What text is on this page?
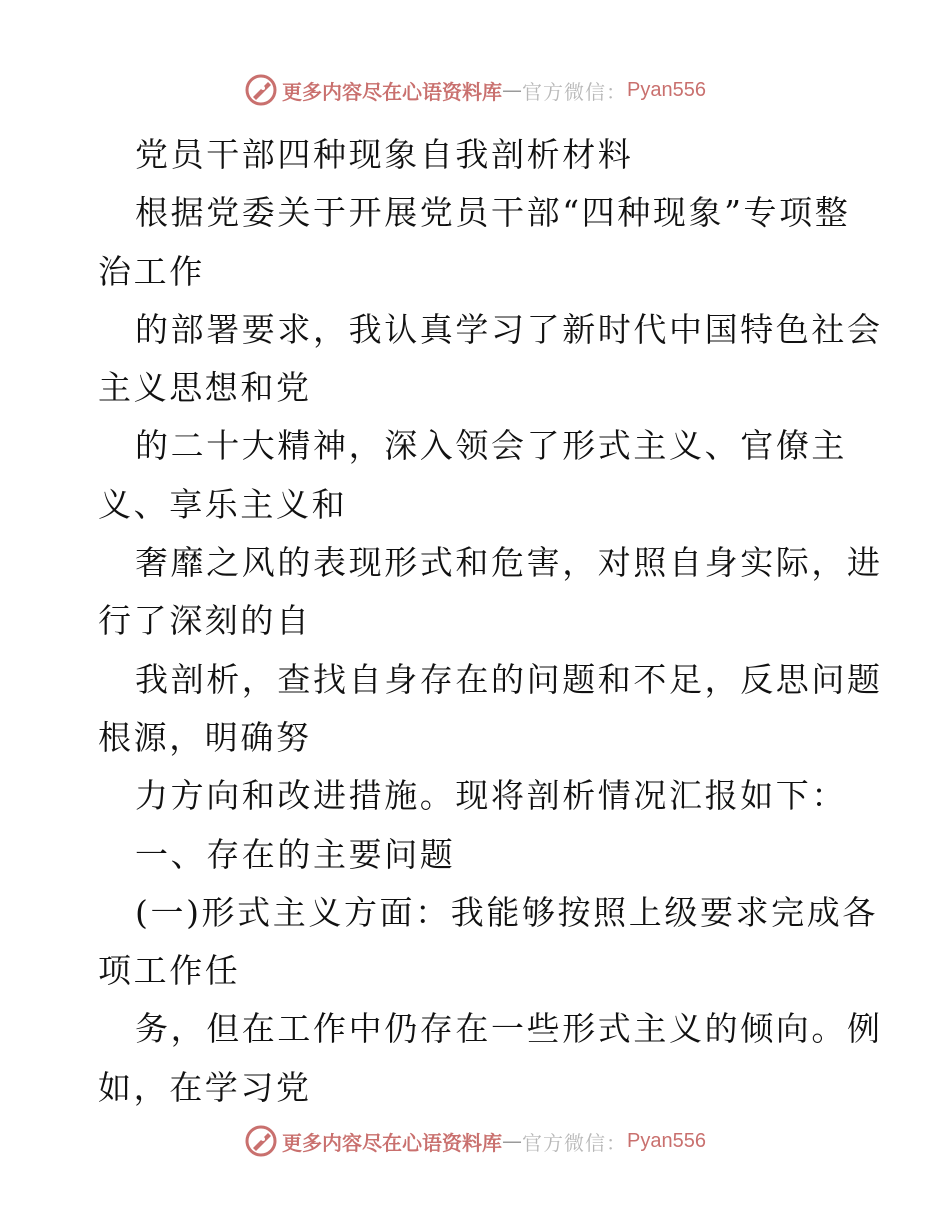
更多内容尽在心语资料库 — 官方微信： Pyan556
党员干部四种现象自我剖析材料
根据党委关于开展党员干部“四种现象”专项整
治工作
的部署要求，我认真学习了新时代中国特色社会
主义思想和党
的二十大精神，深入领会了形式主义、官僚主
义、享乐主义和
奢靡之风的表现形式和危害，对照自身实际，进
行了深刻的自
我剖析，查找自身存在的问题和不足，反思问题
根源，明确努
力方向和改进措施。现将剖析情况汇报如下：
一、存在的主要问题
(一)形式主义方面：我能够按照上级要求完成各
项工作任
务，但在工作中仍存在一些形式主义的倾向。例
如，在学习党
更多内容尽在心语资料库 — 官方微信： Pyan556
